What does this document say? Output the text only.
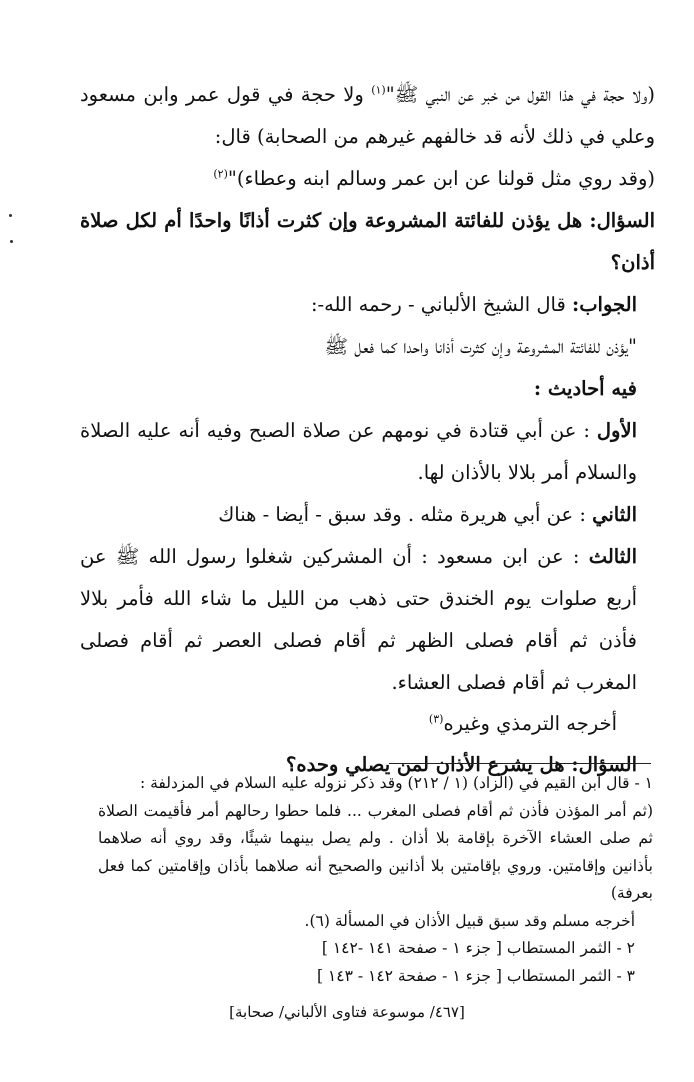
(ولا حجة في هذا القول من خبر عن النبي ﷺ"$^{(١)}$ ولا حجة في قول عمر وابن مسعود وعلي في ذلك لأنه قد خالفهم غيرهم من الصحابة) قال:

(وقد روي مثل قولنا عن ابن عمر وسالم ابنه وعطاء)"$^{(٢)}$

السؤال: هل يؤذن للفائتة المشروعة وإن كثرت أذانًا واحدًا أم لكل صلاة أذان؟

الجواب: قال الشيخ الألباني - رحمه الله-:

"يؤذن للفائتة المشروعة وإن كثرت أذانا واحدا كما فعل ﷺ

فيه أحاديث :

الأول : عن أبي قتادة في نومهم عن صلاة الصبح وفيه أنه عليه الصلاة والسلام أمر بلالا بالأذان لها.

الثاني : عن أبي هريرة مثله . وقد سبق - أيضا - هناك

الثالث : عن ابن مسعود : أن المشركين شغلوا رسول الله ﷺ عن أربع صلوات يوم الخندق حتى ذهب من الليل ما شاء الله فأمر بلالا فأذن ثم أقام فصلى الظهر ثم أقام فصلى العصر ثم أقام فصلى المغرب ثم أقام فصلى العشاء.

أخرجه الترمذي وغيره$^{(٣)}$

السؤال: هل يشرع الأذان لمن يصلي وحده؟

١ - قال ابن القيم في (الزاد) (١ / ٢١٢) وقد ذكر نزوله عليه السلام في المزدلفة :

(ثم أمر المؤذن فأذن ثم أقام فصلى المغرب ... فلما حطوا رحالهم أمر فأقيمت الصلاة ثم صلى العشاء الآخرة بإقامة بلا أذان . ولم يصل بينهما شيئًا، وقد روي أنه صلاهما بأذانين وإقامتين. وروي بإقامتين بلا أذانين والصحيح أنه صلاهما بأذان وإقامتين كما فعل بعرفة)

أخرجه مسلم وقد سبق قبيل الأذان في المسألة (٦).

٢ - الثمر المستطاب [ جزء ١ - صفحة ١٤١ -١٤٢ ]

٣ - الثمر المستطاب [ جزء ١ - صفحة ١٤٢ - ١٤٣ ]

[٤٦٧/ موسوعة فتاوى الألباني/ صحابة]
